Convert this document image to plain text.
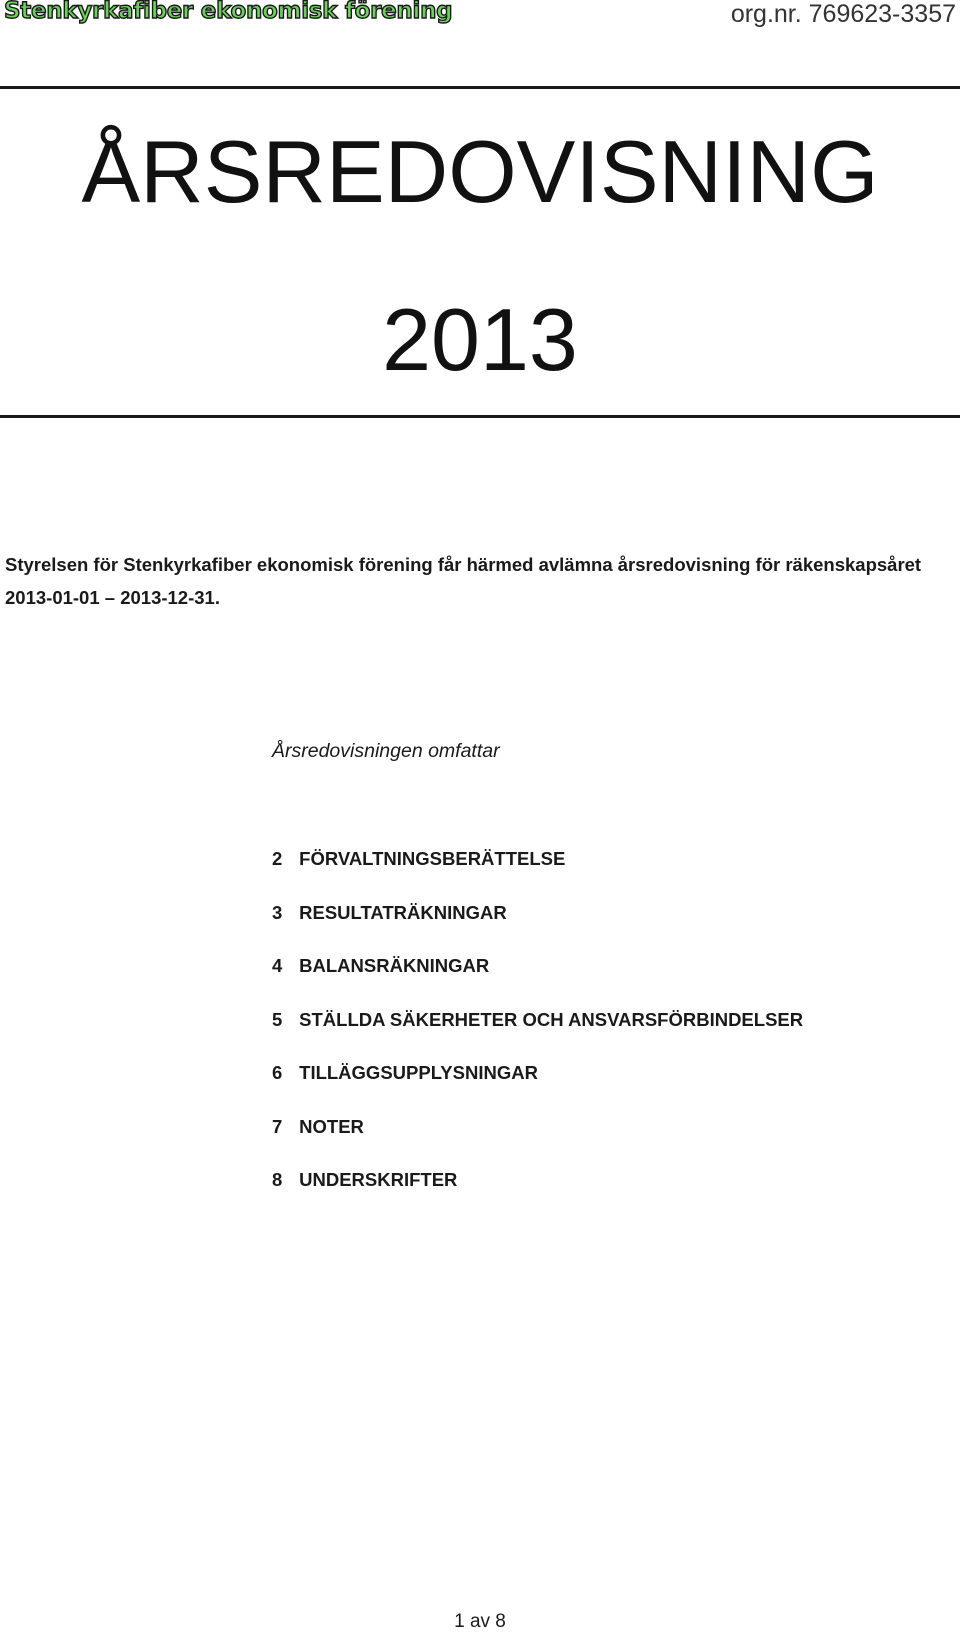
Stenkyrkafiber ekonomisk förening	org.nr. 769623-3357
ÅRSREDOVISNING
2013
Styrelsen för Stenkyrkafiber ekonomisk förening får härmed avlämna årsredovisning för räkenskapsåret 2013-01-01 – 2013-12-31.
Årsredovisningen omfattar
2 FÖRVALTNINGSBERÄTTELSE
3 RESULTATRÄKNINGAR
4 BALANSRÄKNINGAR
5 STÄLLDA SÄKERHETER OCH ANSVARSFÖRBINDELSER
6 TILLÄGGSUPPLYSNINGAR
7 NOTER
8 UNDERSKRIFTER
1 av 8
